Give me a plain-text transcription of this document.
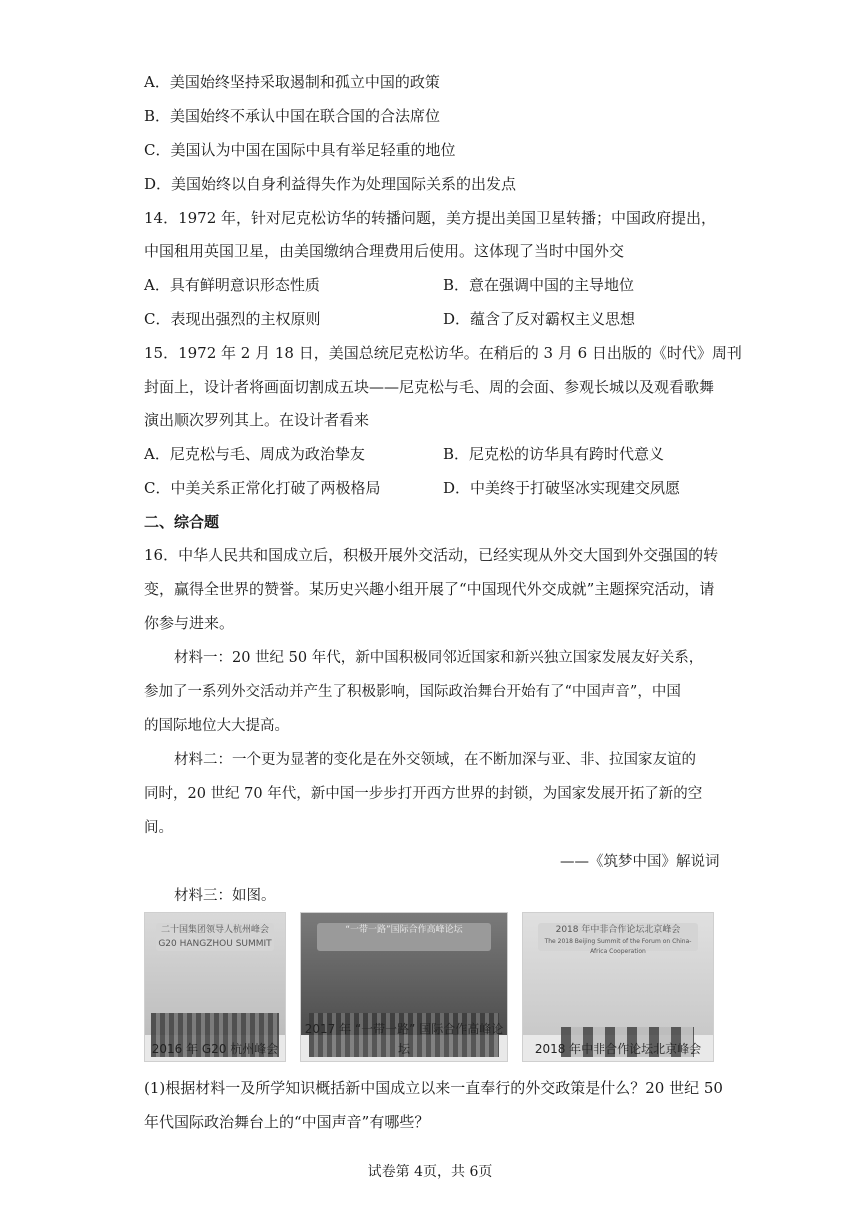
A．美国始终坚持采取遏制和孤立中国的政策
B．美国始终不承认中国在联合国的合法席位
C．美国认为中国在国际中具有举足轻重的地位
D．美国始终以自身利益得失作为处理国际关系的出发点
14．1972 年，针对尼克松访华的转播问题，美方提出美国卫星转播；中国政府提出，
中国租用英国卫星，由美国缴纳合理费用后使用。这体现了当时中国外交
A．具有鲜明意识形态性质	B．意在强调中国的主导地位
C．表现出强烈的主权原则	D．蕴含了反对霸权主义思想
15．1972 年 2 月 18 日，美国总统尼克松访华。在稍后的 3 月 6 日出版的《时代》周刊
封面上，设计者将画面切割成五块——尼克松与毛、周的会面、参观长城以及观看歌舞
演出顺次罗列其上。在设计者看来
A．尼克松与毛、周成为政治挚友	B．尼克松的访华具有跨时代意义
C．中美关系正常化打破了两极格局	D．中美终于打破坚冰实现建交夙愿
二、综合题
16．中华人民共和国成立后，积极开展外交活动，已经实现从外交大国到外交强国的转
变，赢得全世界的赞誉。某历史兴趣小组开展了“中国现代外交成就”主题探究活动，请
你参与进来。
材料一：20 世纪 50 年代，新中国积极同邻近国家和新兴独立国家发展友好关系，
参加了一系列外交活动并产生了积极影响，国际政治舞台开始有了“中国声音”，中国
的国际地位大大提高。
材料二：一个更为显著的变化是在外交领域，在不断加深与亚、非、拉国家友谊的
同时，20 世纪 70 年代，新中国一步步打开西方世界的封锁，为国家发展开拓了新的空
间。
——《筑梦中国》解说词
材料三：如图。
二十国集团领导人杭州峰会
G20 HANGZHOU SUMMIT
2016 年 G20 杭州峰会
“一带一路”国际合作高峰论坛
2017 年 “一带一路” 国际合作高峰论坛
2018 年中非合作论坛北京峰会
The 2018 Beijing Summit of the Forum on China-Africa Cooperation
2018 年中非合作论坛北京峰会
(1)根据材料一及所学知识概括新中国成立以来一直奉行的外交政策是什么？20 世纪 50
年代国际政治舞台上的“中国声音”有哪些？
试卷第 4页，共 6页
